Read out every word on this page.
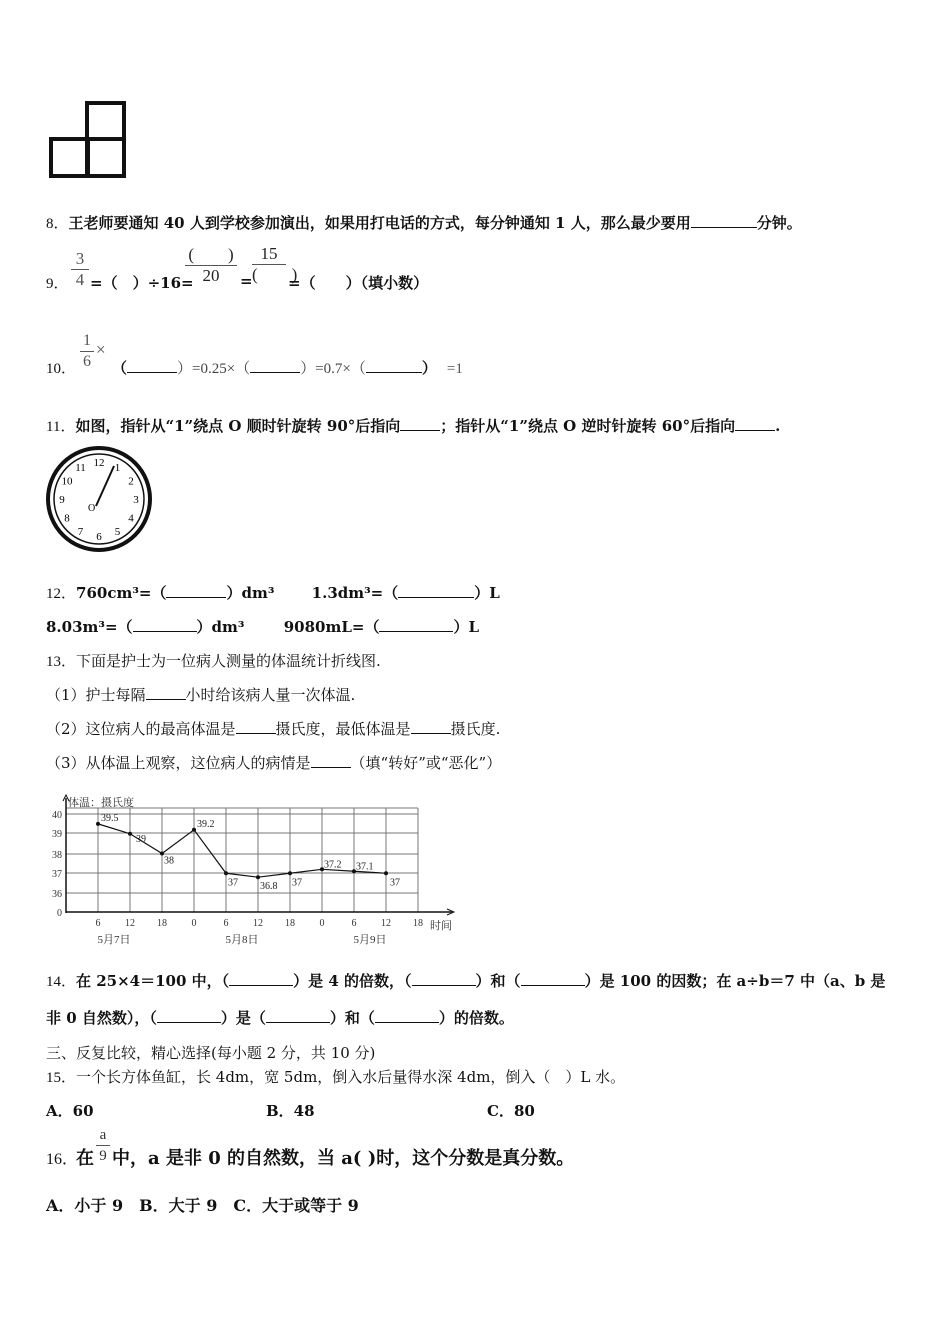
8．王老师要通知 40 人到学校参加演出，如果用打电话的方式，每分钟通知 1 人，那么最少要用	分钟。
9．
3
4 =（　）÷16=
(　　)
20	=
15
(　　)
=（　　）（填小数）
10．
1
6
×
（	）=0.25×（	）=0.7×（	） =1
11．如图，指针从“1”绕点 O 顺时针旋转 90°后指向	；指针从“1”绕点 O 逆时针旋转 60°后指向	.
12 1
2
3
4
5
6
7
8
9
10
11
O
12．760cm³=（	）dm³ 1.3dm³=（	）L
8.03m³=（	）dm³	9080mL=（	）L
13．下面是护士为一位病人测量的体温统计折线图.
（1）护士每隔	小时给该病人量一次体温.
（2）这位病人的最高体温是	摄氏度，最低体温是	摄氏度.
（3）从体温上观察，这位病人的病情是	（填“转好”或“恶化”）
体温：摄氏度
0
36
37
38
39
40
6 12 18 0	6 12 18 0	6 12 18 时间
5月7日	5月8日	5月9日
39.5
39
38
39.2
37 36.8 37
37.2 37.1
37
14．在 25×4＝100 中，（	）是 4 的倍数，（	）和（	）是 100 的因数；在 a÷b＝7 中（a、b 是
非 0 自然数），（	）是（	）和（	）的倍数。
三、反复比较，精心选择(每小题 2 分，共 10 分)
15．一个长方体鱼缸，长 4dm，宽 5dm，倒入水后量得水深 4dm，倒入（　）L 水。
A．60	B．48	C．80
16．
在
a
9 中，a 是非 0 的自然数，当 a( )时，这个分数是真分数。
A．小于 9　B．大于 9　C．大于或等于 9
